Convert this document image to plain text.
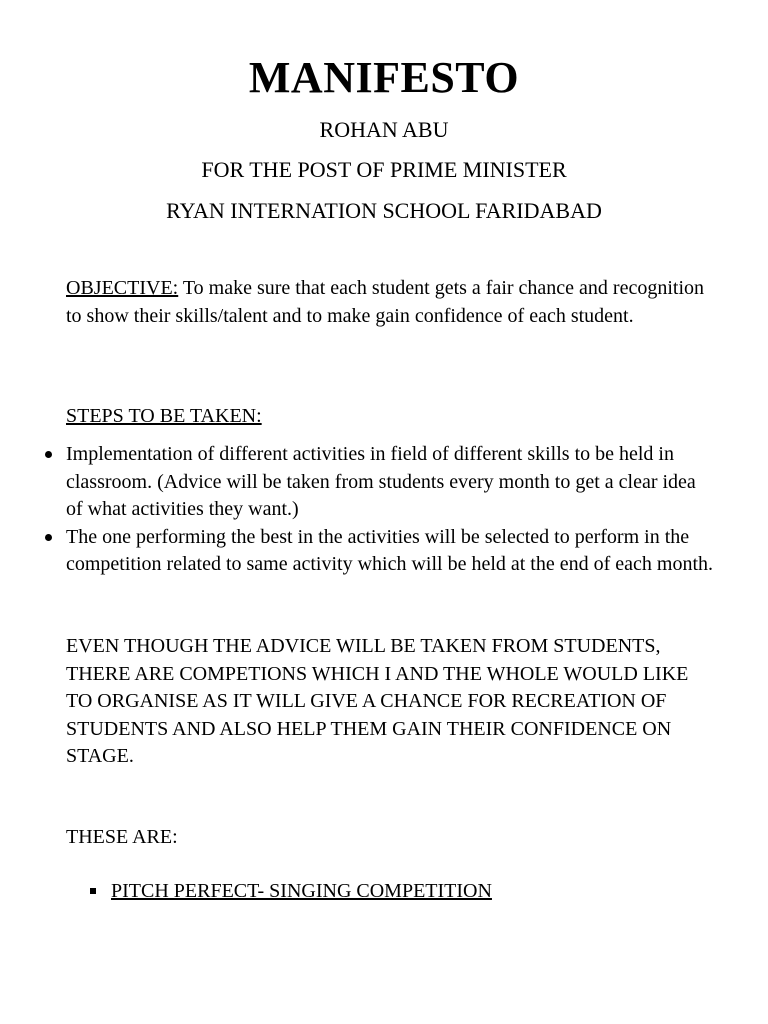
MANIFESTO
ROHAN ABU
FOR THE POST OF PRIME MINISTER
RYAN INTERNATION SCHOOL FARIDABAD
OBJECTIVE: To make sure that each student gets a fair chance and recognition to show their skills/talent and to make gain confidence of each student.
STEPS TO BE TAKEN:
Implementation of different activities in field of different skills to be held in classroom. (Advice will be taken from students every month to get a clear idea of what activities they want.)
The one performing the best in the activities will be selected to perform in the competition related to same activity which will be held at the end of each month.
EVEN THOUGH THE ADVICE WILL BE TAKEN FROM STUDENTS, THERE ARE COMPETIONS WHICH I AND THE WHOLE WOULD LIKE TO ORGANISE AS IT WILL GIVE A CHANCE FOR RECREATION OF
STUDENTS AND ALSO HELP THEM GAIN THEIR CONFIDENCE ON STAGE.
THESE ARE:
PITCH PERFECT- SINGING COMPETITION
